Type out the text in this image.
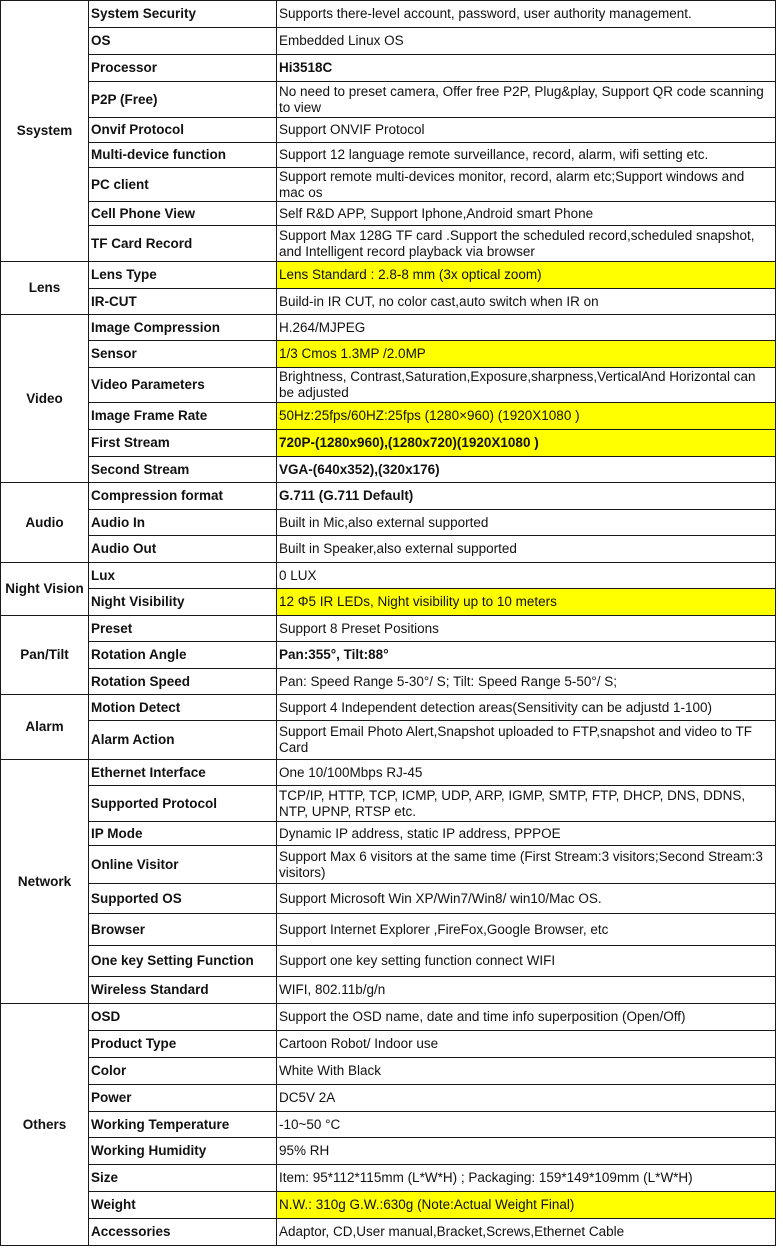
Ssystem	System Security	Supports there-level account, password, user authority management.
	OS	Embedded Linux OS
	Processor	Hi3518C
	P2P (Free)	No need to preset camera, Offer free P2P, Plug&play, Support QR code scanning to view
	Onvif Protocol	Support ONVIF Protocol
	Multi-device function	Support 12 language remote surveillance, record, alarm, wifi setting etc.
	PC client	Support remote multi-devices monitor, record, alarm etc;Support windows and mac os
	Cell Phone View	Self R&D APP, Support Iphone,Android smart Phone
	TF Card Record	Support Max 128G TF card .Support the scheduled record,scheduled snapshot, and Intelligent record playback via browser
Lens	Lens Type	Lens Standard : 2.8-8 mm (3x optical zoom)
	IR-CUT	Build-in IR CUT, no color cast,auto switch when IR on
Video	Image Compression	H.264/MJPEG
	Sensor	1/3 Cmos 1.3MP /2.0MP
	Video Parameters	Brightness, Contrast,Saturation,Exposure,sharpness,VerticalAnd Horizontal can be adjusted
	Image Frame Rate	50Hz:25fps/60HZ:25fps (1280×960) (1920X1080 )
	First Stream	720P-(1280x960),(1280x720)(1920X1080 )
	Second Stream	VGA-(640x352),(320x176)
Audio	Compression format	G.711 (G.711 Default)
	Audio In	Built in Mic,also external supported
	Audio Out	Built in Speaker,also external supported
Night Vision	Lux	0 LUX
	Night Visibility	12 Φ5 IR LEDs, Night visibility up to 10 meters
Pan/Tilt	Preset	Support 8 Preset Positions
	Rotation Angle	Pan:355°, Tilt:88°
	Rotation Speed	Pan: Speed Range 5-30°/ S; Tilt: Speed Range 5-50°/ S;
Alarm	Motion Detect	Support 4 Independent detection areas(Sensitivity can be adjustd 1-100)
	Alarm Action	Support Email Photo Alert,Snapshot uploaded to FTP,snapshot and video to TF Card
Network	Ethernet Interface	One 10/100Mbps RJ-45
	Supported Protocol	TCP/IP, HTTP, TCP, ICMP, UDP, ARP, IGMP, SMTP, FTP, DHCP, DNS, DDNS, NTP, UPNP, RTSP etc.
	IP Mode	Dynamic IP address, static IP address, PPPOE
	Online Visitor	Support Max 6 visitors at the same time (First Stream:3 visitors;Second Stream:3 visitors)
	Supported OS	Support Microsoft Win XP/Win7/Win8/ win10/Mac OS.
	Browser	Support Internet Explorer ,FireFox,Google Browser, etc
	One key Setting Function	Support one key setting function connect WIFI
	Wireless Standard	WIFI, 802.11b/g/n
Others	OSD	Support the OSD name, date and time info superposition (Open/Off)
	Product Type	Cartoon Robot/ Indoor use
	Color	White With Black
	Power	DC5V 2A
	Working Temperature	-10~50 °C
	Working Humidity	95% RH
	Size	Item: 95*112*115mm (L*W*H) ; Packaging: 159*149*109mm (L*W*H)
	Weight	N.W.: 310g G.W.:630g (Note:Actual Weight Final)
	Accessories	Adaptor, CD,User manual,Bracket,Screws,Ethernet Cable
